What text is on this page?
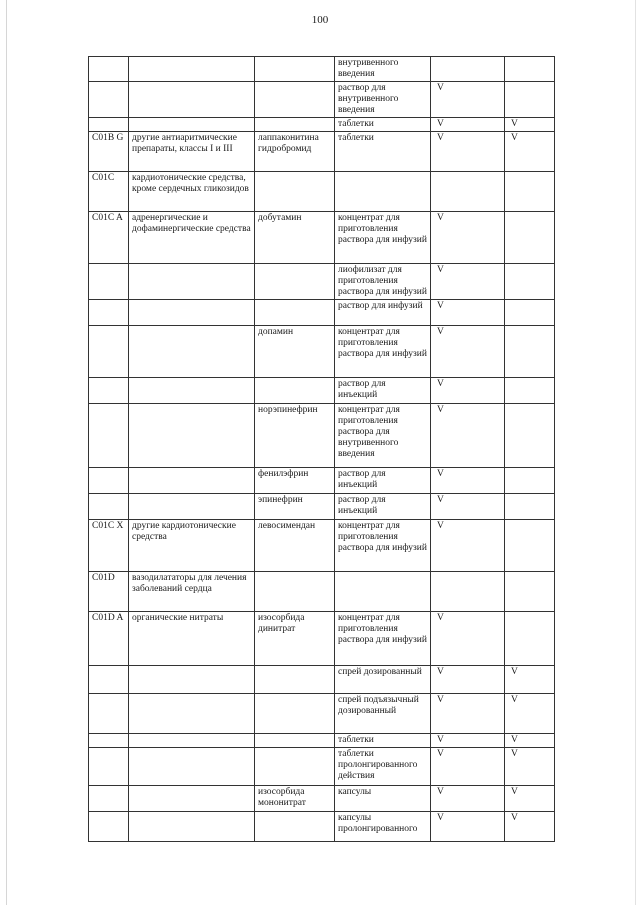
100
			внутривенного введения		
			раствор для внутривенного введения	V	
			таблетки	V	V
C01B G	другие антиаритмические препараты, классы I и III	лаппаконитина гидробромид	таблетки	V	V
C01C	кардиотонические средства, кроме сердечных гликозидов				
C01C A	адренергические и дофаминергические средства	добутамин	концентрат для приготовления раствора для инфузий	V	
			лиофилизат для приготовления раствора для инфузий	V	
			раствор для инфузий	V	
		допамин	концентрат для приготовления раствора для инфузий	V	
			раствор для инъекций	V	
		норэпинефрин	концентрат для приготовления раствора для внутривенного введения	V	
		фенилэфрин	раствор для инъекций	V	
		эпинефрин	раствор для инъекций	V	
C01C X	другие кардиотонические средства	левосимендан	концентрат для приготовления раствора для инфузий	V	
C01D	вазодилататоры для лечения заболеваний сердца				
C01D A	органические нитраты	изосорбида динитрат	концентрат для приготовления раствора для инфузий	V	
			спрей дозированный	V	V
			спрей подъязычный дозированный	V	V
			таблетки	V	V
			таблетки пролонгированного действия	V	V
		изосорбида мононитрат	капсулы	V	V
			капсулы пролонгированного	V	V
